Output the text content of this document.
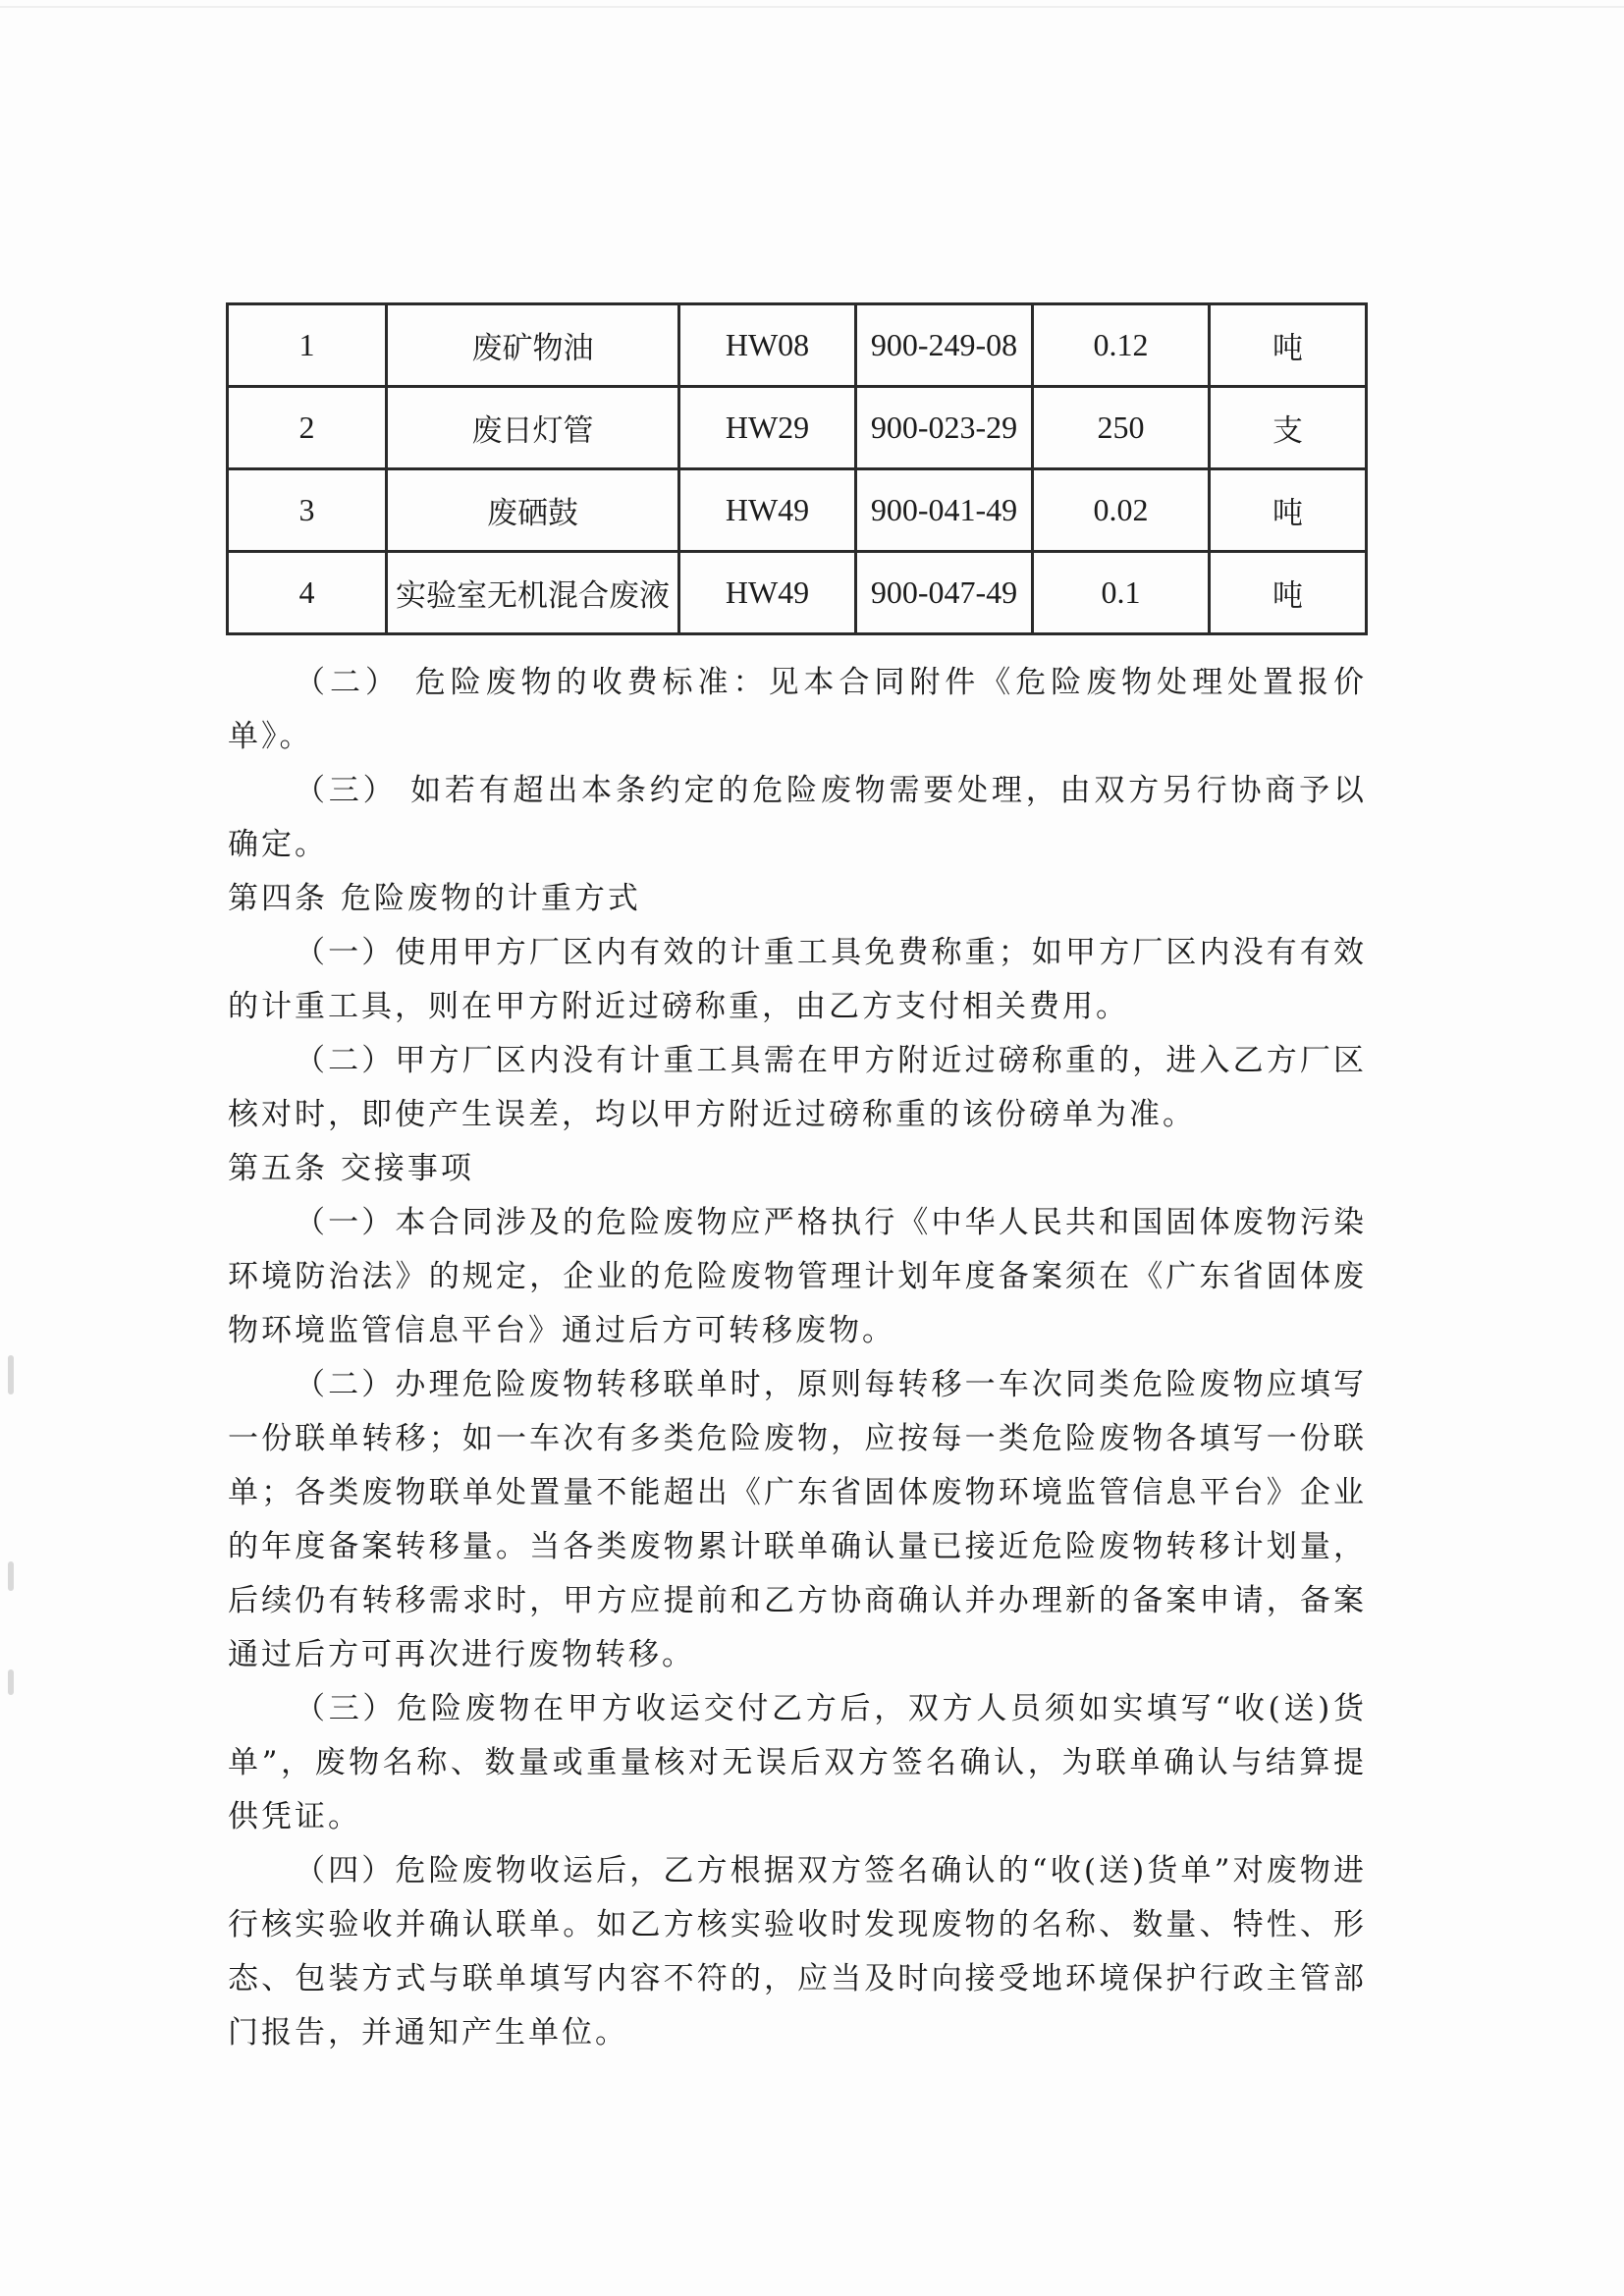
1	废矿物油	HW08	900-249-08	0.12	吨
2	废日灯管	HW29	900-023-29	250	支
3	废硒鼓	HW49	900-041-49	0.02	吨
4	实验室无机混合废液	HW49	900-047-49	0.1	吨

（二） 危险废物的收费标准：见本合同附件《危险废物处理处置报价单》。

（三） 如若有超出本条约定的危险废物需要处理，由双方另行协商予以确定。

第四条 危险废物的计重方式

（一）使用甲方厂区内有效的计重工具免费称重；如甲方厂区内没有有效的计重工具，则在甲方附近过磅称重，由乙方支付相关费用。

（二）甲方厂区内没有计重工具需在甲方附近过磅称重的，进入乙方厂区核对时，即使产生误差，均以甲方附近过磅称重的该份磅单为准。

第五条 交接事项

（一）本合同涉及的危险废物应严格执行《中华人民共和国固体废物污染环境防治法》的规定，企业的危险废物管理计划年度备案须在《广东省固体废物环境监管信息平台》通过后方可转移废物。

（二）办理危险废物转移联单时，原则每转移一车次同类危险废物应填写一份联单转移；如一车次有多类危险废物，应按每一类危险废物各填写一份联单；各类废物联单处置量不能超出《广东省固体废物环境监管信息平台》企业的年度备案转移量。当各类废物累计联单确认量已接近危险废物转移计划量，后续仍有转移需求时，甲方应提前和乙方协商确认并办理新的备案申请，备案通过后方可再次进行废物转移。

（三）危险废物在甲方收运交付乙方后，双方人员须如实填写“收(送)货单”，废物名称、数量或重量核对无误后双方签名确认，为联单确认与结算提供凭证。

（四）危险废物收运后，乙方根据双方签名确认的“收(送)货单”对废物进行核实验收并确认联单。如乙方核实验收时发现废物的名称、数量、特性、形态、包装方式与联单填写内容不符的，应当及时向接受地环境保护行政主管部门报告，并通知产生单位。
